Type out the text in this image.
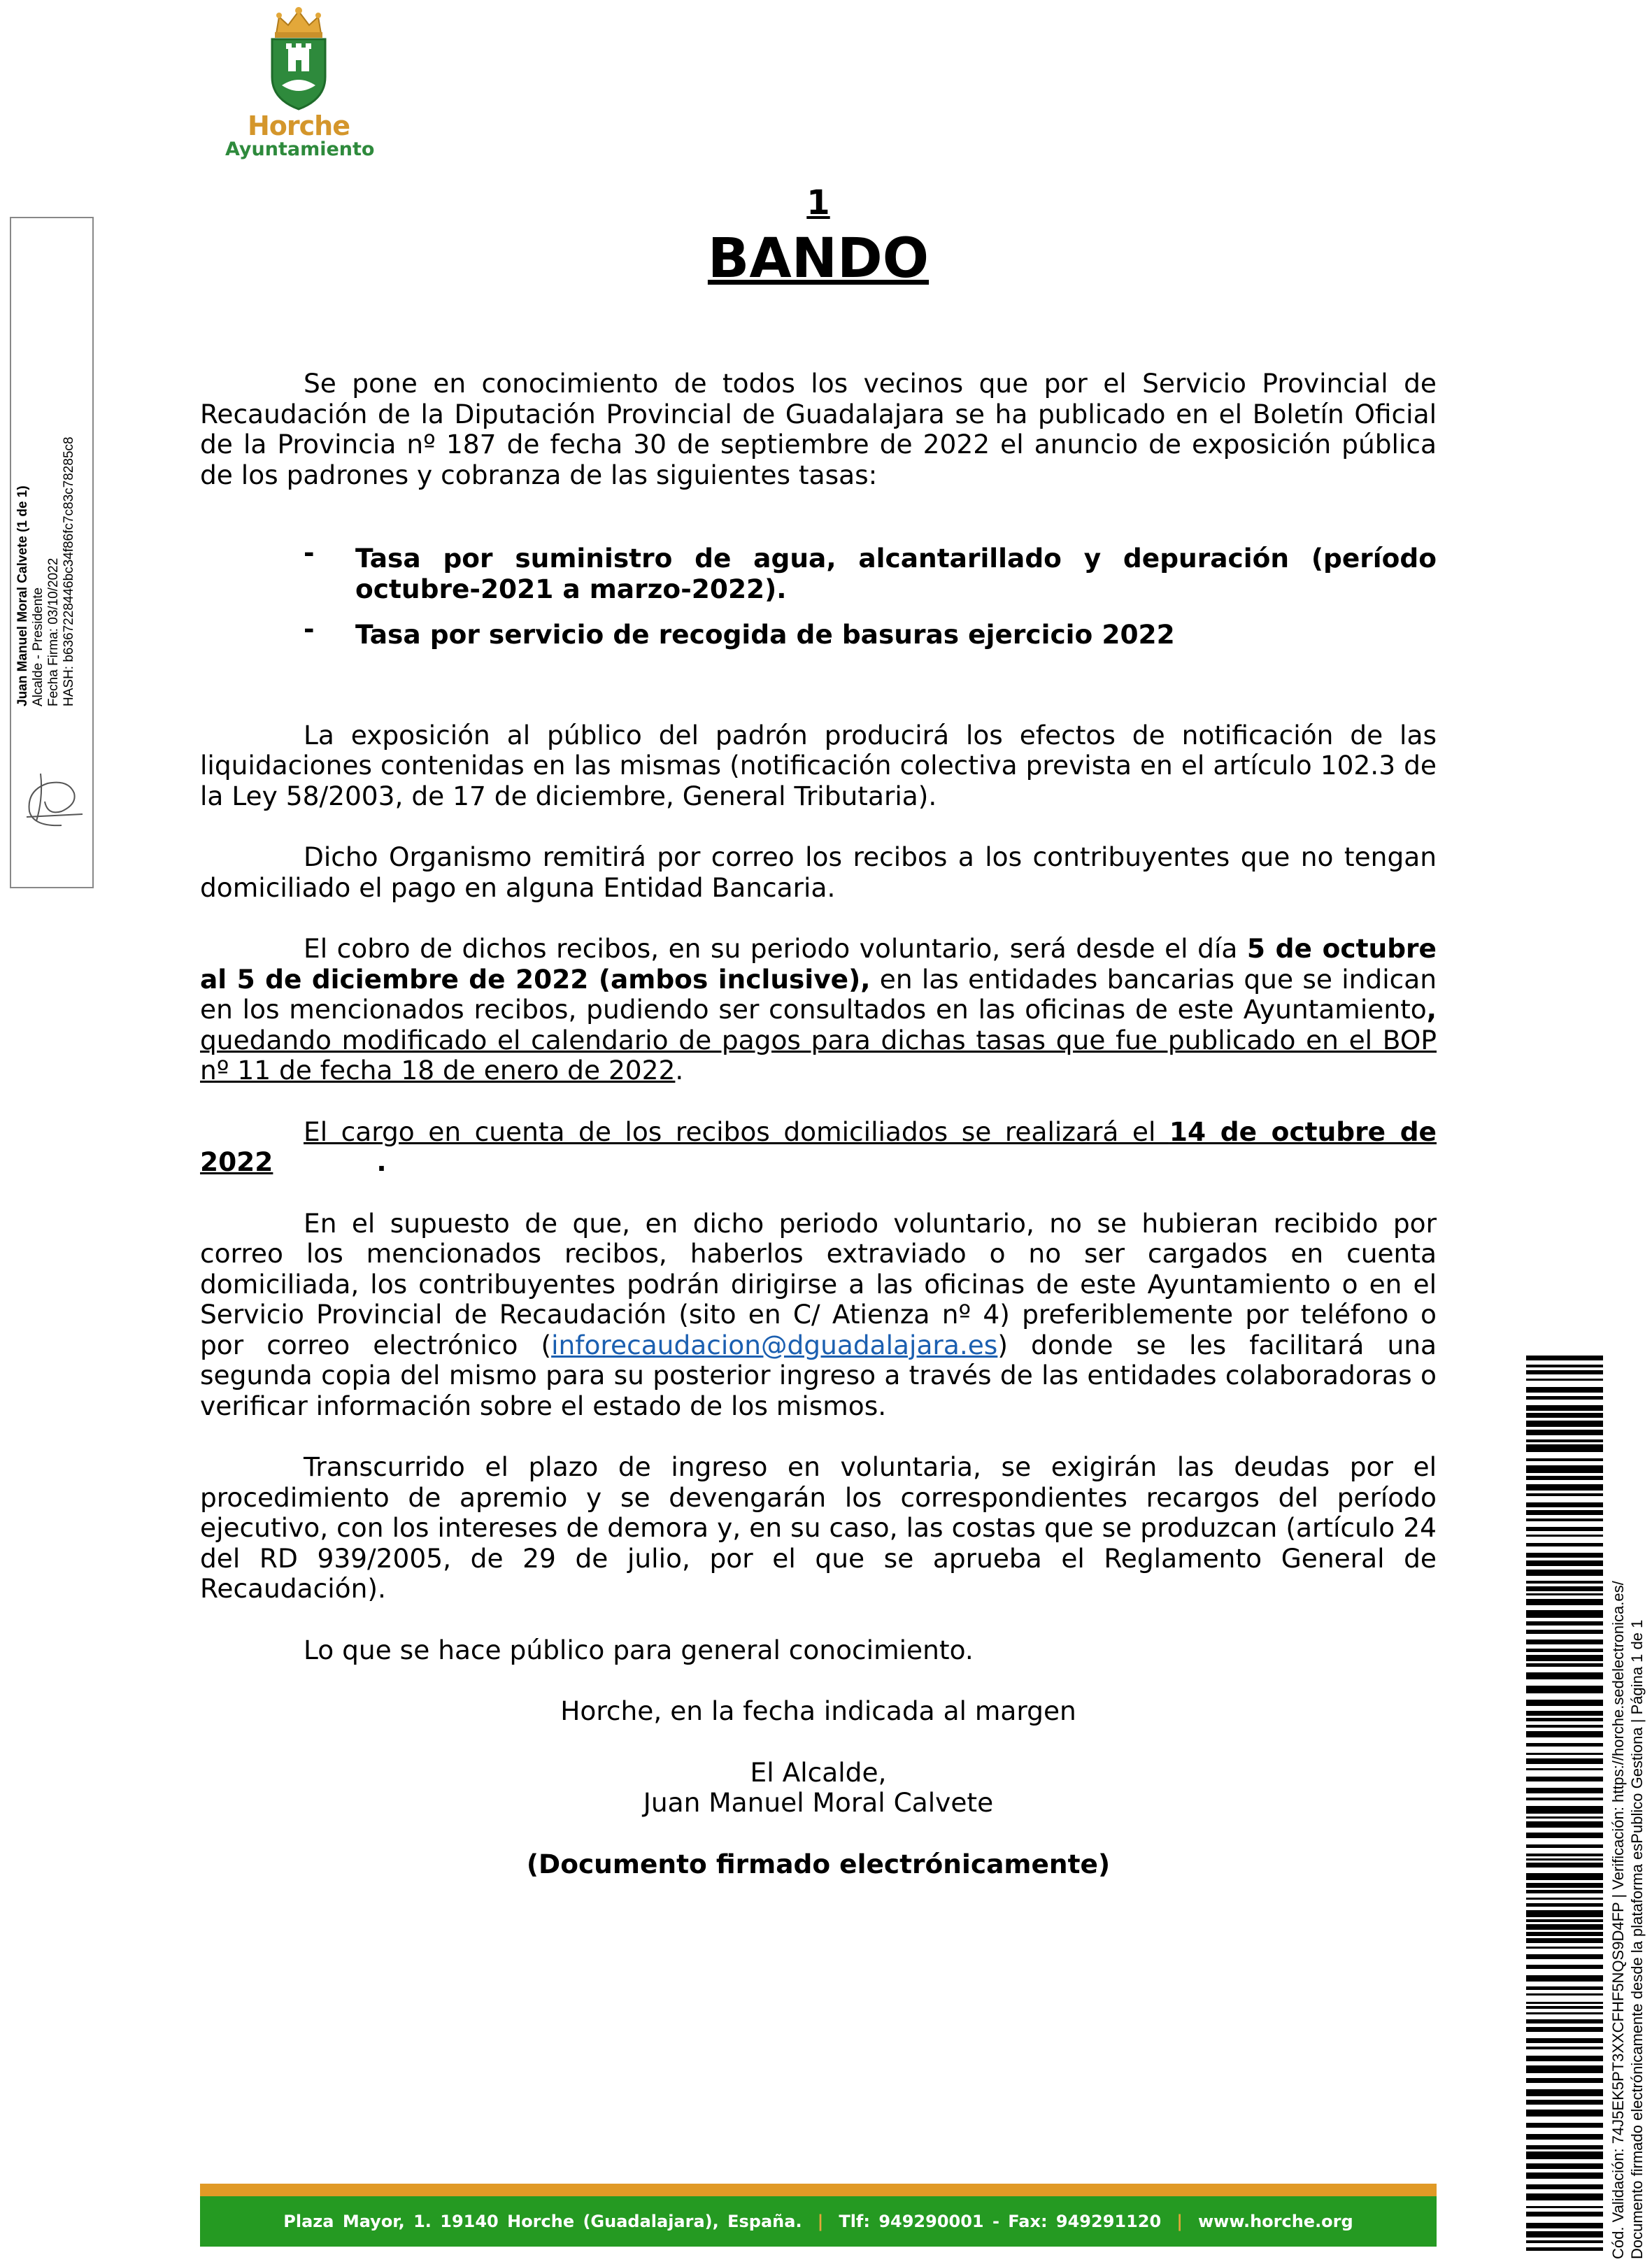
Horche
Ayuntamiento
Juan Manuel Moral Calvete (1 de 1) Alcalde - Presidente Fecha Firma: 03/10/2022 HASH: b6367228446bc34f86fc7c83c78285c8
1
BANDO

Se pone en conocimiento de todos los vecinos que por el Servicio Provincial de Recaudación de la Diputación Provincial de Guadalajara se ha publicado en el Boletín Oficial de la Provincia nº 187 de fecha 30 de septiembre de 2022 el anuncio de exposición pública de los padrones y cobranza de las siguientes tasas:

- Tasa por suministro de agua, alcantarillado y depuración (período octubre-2021 a marzo-2022).
- Tasa por servicio de recogida de basuras ejercicio 2022

La exposición al público del padrón producirá los efectos de notificación de las liquidaciones contenidas en las mismas (notificación colectiva prevista en el artículo 102.3 de la Ley 58/2003, de 17 de diciembre, General Tributaria).

Dicho Organismo remitirá por correo los recibos a los contribuyentes que no tengan domiciliado el pago en alguna Entidad Bancaria.

El cobro de dichos recibos, en su periodo voluntario, será desde el día 5 de octubre al 5 de diciembre de 2022 (ambos inclusive), en las entidades bancarias que se indican en los mencionados recibos, pudiendo ser consultados en las oficinas de este Ayuntamiento, quedando modificado el calendario de pagos para dichas tasas que fue publicado en el BOP nº 11 de fecha 18 de enero de 2022.

El cargo en cuenta de los recibos domiciliados se realizará el 14 de octubre de 2022	.

En el supuesto de que, en dicho periodo voluntario, no se hubieran recibido por correo los mencionados recibos, haberlos extraviado o no ser cargados en cuenta domiciliada, los contribuyentes podrán dirigirse a las oficinas de este Ayuntamiento o en el Servicio Provincial de Recaudación (sito en C/ Atienza nº 4) preferiblemente por teléfono o por correo electrónico (inforecaudacion@dguadalajara.es) donde se les facilitará una segunda copia del mismo para su posterior ingreso a través de las entidades colaboradoras o verificar información sobre el estado de los mismos.

Transcurrido el plazo de ingreso en voluntaria, se exigirán las deudas por el procedimiento de apremio y se devengarán los correspondientes recargos del período ejecutivo, con los intereses de demora y, en su caso, las costas que se produzcan (artículo 24 del RD 939/2005, de 29 de julio, por el que se aprueba el Reglamento General de Recaudación).

Lo que se hace público para general conocimiento.

Horche, en la fecha indicada al margen

El Alcalde,

Juan Manuel Moral Calvete

(Documento firmado electrónicamente)

Plaza Mayor, 1. 19140 Horche (Guadalajara), España. | Tlf: 949290001 - Fax: 949291120 | www.horche.org	Cód. Validación: 74J5EK5PT3XXCFHF5NQS9D4FP | Verificación: https://horche.sedelectronica.es/ Documento firmado electrónicamente desde la plataforma esPublico Gestiona | Página 1 de 1
